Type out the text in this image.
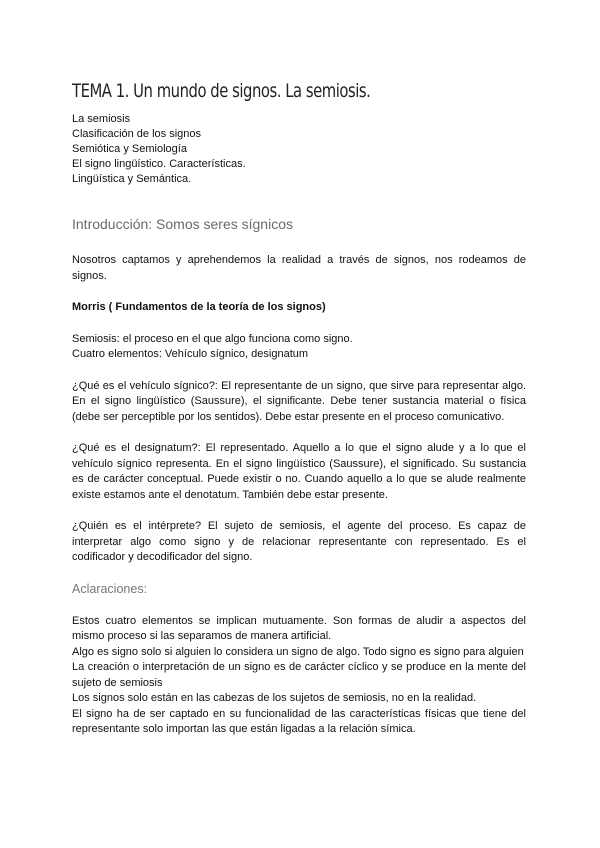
TEMA 1. Un mundo de signos. La semiosis.
La semiosis
Clasificación de los signos
Semiótica y Semiología
El signo lingüístico. Características.
Lingüística y Semántica.
Introducción: Somos seres sígnicos

Nosotros captamos y aprehendemos la realidad a través de signos, nos rodeamos de signos.

Morris ( Fundamentos de la teoría de los signos)

Semiosis: el proceso en el que algo funciona como signo.
Cuatro elementos: Vehículo sígnico, designatum

¿Qué es el vehículo sígnico?: El representante de un signo, que sirve para representar algo. En el signo lingüístico (Saussure), el significante. Debe tener sustancia material o física (debe ser perceptible por los sentidos). Debe estar presente en el proceso comunicativo.

¿Qué es el designatum?: El representado. Aquello a lo que el signo alude y a lo que el vehículo sígnico representa. En el signo lingüístico (Saussure), el significado. Su sustancia es de carácter conceptual. Puede existir o no. Cuando aquello a lo que se alude realmente existe estamos ante el denotatum. También debe estar presente.

¿Quién es el intérprete? El sujeto de semiosis, el agente del proceso. Es capaz de interpretar algo como signo y de relacionar representante con representado. Es el codificador y decodificador del signo.

Aclaraciones:
Estos cuatro elementos se implican mutuamente. Son formas de aludir a aspectos del mismo proceso si las separamos de manera artificial.
Algo es signo solo si alguien lo considera un signo de algo. Todo signo es signo para alguien
La creación o interpretación de un signo es de carácter cíclico y se produce en la mente del sujeto de semiosis
Los signos solo están en las cabezas de los sujetos de semiosis, no en la realidad.
El signo ha de ser captado en su funcionalidad de las características físicas que tiene del representante solo importan las que están ligadas a la relación símica.
